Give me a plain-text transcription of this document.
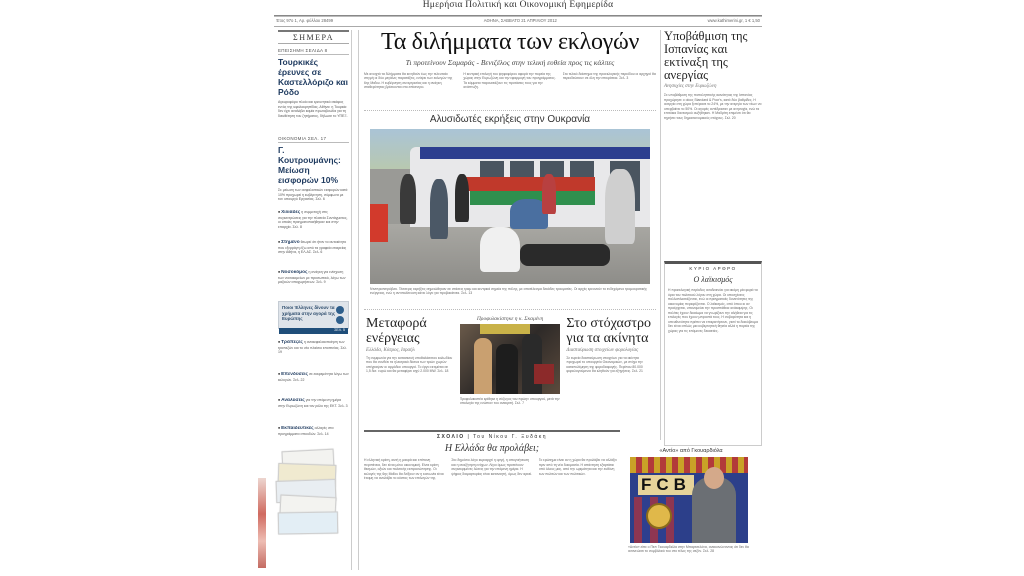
Ημερήσια Πολιτική και Οικονομική Εφημερίδα
Έτος 97ο 1, Αρ. φύλλου 28499	ΑΘΗΝΑ, ΣΑΒΒΑΤΟ 21 ΑΠΡΙΛΙΟΥ 2012	www.kathimerini.gr, 1 € 1,50
ΣΗΜΕΡΑ
ΕΠΕΙΣΗΜΗ ΣΕΛΙΔΑ 8
Τουρκικές έρευνες σε Καστελλόριζο και Ρόδο
Αγκυροφόρο πλοίο και ερευνητικό σκάφος εντός της υφαλοκρηπίδας. Αθήνα: η Τουρκία δεν έχει αναλάβει καμία πρωτοβουλία για τη διευθέτηση του ζητήματος, δήλωσε το ΥΠΕΞ.
ΟΙΚΟΝΟΜΙΑ ΣΕΛ. 17
Γ. Κουτρουμάνης: Μείωση εισφορών 10%
Σε μείωση των ασφαλιστικών εισφορών κατά 10% προχωρεί η κυβέρνηση, σύμφωνα με τον υπουργό Εργασίας. Σελ. 6
■ Χιλιάδες η συμμετοχή στις συγκεντρώσεις για την πλατεία Συντάγματος, οι οποίες πραγματοποιήθηκαν και στην επαρχία. Σελ. 8
■ Στημένο θεωρεί ότι ήταν το αυτοκίνητο που εξερράγη έξω από τα γραφεία εταιρείας στην Αθήνα, η ΕΛ.ΑΣ. Σελ. 6
■ Νοσοκόμος η ανάγκη για ενίσχυση των νοσοκομείων με προσωπικό, λόγω των μαζικών αποχωρήσεων. Σελ. 9
Ποιοι Έλληνες δίνουν τα χρήματα στην αγορά της Ευρώπης
ΣΕΛ. 5
■ Τράπεζες η ανακεφαλαιοποίηση των τραπεζών και το νέο πλαίσιο εποπτείας. Σελ. 19
■ Επενδύσεις σε εκκρεμότητα λόγω των εκλογών. Σελ. 22
■ Αναλύσεις για την επόμενη ημέρα στην Ευρωζώνη και τον ρόλο της ΕΚΤ. Σελ. 3
■ Εκπαιδευτικές αλλαγές στα προγράμματα σπουδών. Σελ. 14
Τα διλήμματα των εκλογών
Τι προτείνουν Σαμαράς - Βενιζέλος στην τελική ευθεία προς τις κάλπες
Με ανοιχτά τα διλήμματα θα κινηθούν έως την τελευταία στιγμή οι δύο μεγάλες παρατάξεις, ενόψει των εκλογών της 6ης Μαΐου. Η κυβέρνηση συνεργασίας και η ανάγκη σταθερότητας βρίσκονται στο επίκεντρο.
Η κεντρική επιλογή του ψηφοφόρου αφορά την πορεία της χώρας στην Ευρωζώνη και την εφαρμογή του προγράμματος. Τα κόμματα παρουσιάζουν τις προτάσεις τους για την ανάπτυξη.
Στο τελικό διάστημα της προεκλογικής περιόδου οι αρχηγοί θα περιοδεύσουν σε όλη την επικράτεια. Σελ. 3
Αλυσιδωτές εκρήξεις στην Ουκρανία
Ντνιπροπετρόβσκ. Τέσσερις εκρήξεις σημειώθηκαν σε στάσεις τραμ και κεντρικά σημεία της πόλης, με αποτέλεσμα δεκάδες τραυματίες. Οι αρχές ερευνούν το ενδεχόμενο τρομοκρατικής ενέργειας, ενώ η αντιπολίτευση κάνει λόγο για προβοκάτσια. Σελ. 13
Μεταφορά ενέργειας
Ελλάδα, Κύπρος, Ισραήλ
Τη συμφωνία για την κατασκευή υποθαλάσσιου καλωδίου που θα συνδέει τα ηλεκτρικά δίκτυα των τριών χωρών υπέγραψαν οι αρμόδιοι υπουργοί. Το έργο εκτιμάται σε 1,5 δισ. ευρώ και θα μεταφέρει ισχύ 2.000 MW. Σελ. 18
Προφυλακίστηκε η κ. Σκαμένη
Προφυλακιστέα κρίθηκε η σύζυγος του πρώην υπουργού, μετά την απολογία της ενώπιον του ανακριτή. Σελ. 7
Στο στόχαστρο για τα ακίνητα
Διασταύρωση στοιχείων φορολογίας
Σε ευρεία διασταύρωση στοιχείων για τα ακίνητα προχωρεί το υπουργείο Οικονομικών, με στόχο την καταπολέμηση της φοροδιαφυγής. Περίπου 80.000 φορολογούμενοι θα κληθούν για εξηγήσεις. Σελ. 21
ΣΧΟΛΙΟ | Του Νίκου Γ. Ξυδάκη
Η Ελλάδα θα προλάβει;
Η ελληνική κρίση, αυτή η μακρά και επίπονη περιπέτεια, δεν είναι μόνο οικονομική. Είναι κρίση θεσμών, αξιών και πολιτικής εκπροσώπησης. Οι εκλογές της 6ης Μαΐου θα δείξουν αν η κοινωνία είναι έτοιμη να αναλάβει το κόστος των επιλογών της.
Στο δημόσιο λόγο κυριαρχεί η οργή, η απογοήτευση και η αναζήτηση ενόχων. Λίγοι όμως προτείνουν συγκεκριμένες λύσεις για την επόμενη ημέρα. Η ψήφος διαμαρτυρίας είναι κατανοητή, όμως δεν αρκεί.
Το ερώτημα είναι αν η χώρα θα προλάβει να αλλάξει πριν από τη νέα δοκιμασία. Η απάντηση εξαρτάται από όλους μας, από την ωριμότητα και την ευθύνη των πολιτών και των πολιτικών.
Υποβάθμιση της Ισπανίας και εκτίναξη της ανεργίας
Ανησυχίες στην Ευρωζώνη
Σε υποβάθμιση της πιστοληπτικής ικανότητας της Ισπανίας προχώρησε ο οίκος Standard & Poor's, κατά δύο βαθμίδες. Η ανεργία στη χώρα ξεπέρασε το 24%, με την ανεργία των νέων να υπερβαίνει το 50%. Οι αγορές αντέδρασαν με ανησυχία, ενώ τα επιτόκια δανεισμού αυξήθηκαν. Η Μαδρίτη επιμένει ότι θα τηρήσει τους δημοσιονομικούς στόχους. Σελ. 20
ΚΥΡΙΟ ΑΡΘΡΟ
Ο λαϊκισμός
Η προεκλογική περίοδος αναδεικνύει για ακόμη μία φορά τα όρια του πολιτικού λόγου στη χώρα. Οι υποσχέσεις πολλαπλασιάζονται, ενώ οι πραγματικές δυνατότητες της οικονομίας περιορίζονται. Ο λαϊκισμός, από όπου κι αν προέρχεται, υπονομεύει την προσπάθεια ανάκαμψης. Οι πολίτες έχουν δικαίωμα να γνωρίζουν την αλήθεια για τις επιλογές που έχουν μπροστά τους. Η σοβαρότητα και η υπευθυνότητα πρέπει να επικρατήσουν, γιατί το διακύβευμα δεν είναι απλώς μια κυβερνητική θητεία αλλά η πορεία της χώρας για τις επόμενες δεκαετίες.
«Αντίο» από Γκουαρδιόλα
FCB
«Αντίο» είπε ο Πεπ Γκουαρδιόλα στην Μπαρτσελόνα, ανακοινώνοντας ότι δεν θα ανανεώσει το συμβόλαιό του στο τέλος της σεζόν. Σελ. 28
